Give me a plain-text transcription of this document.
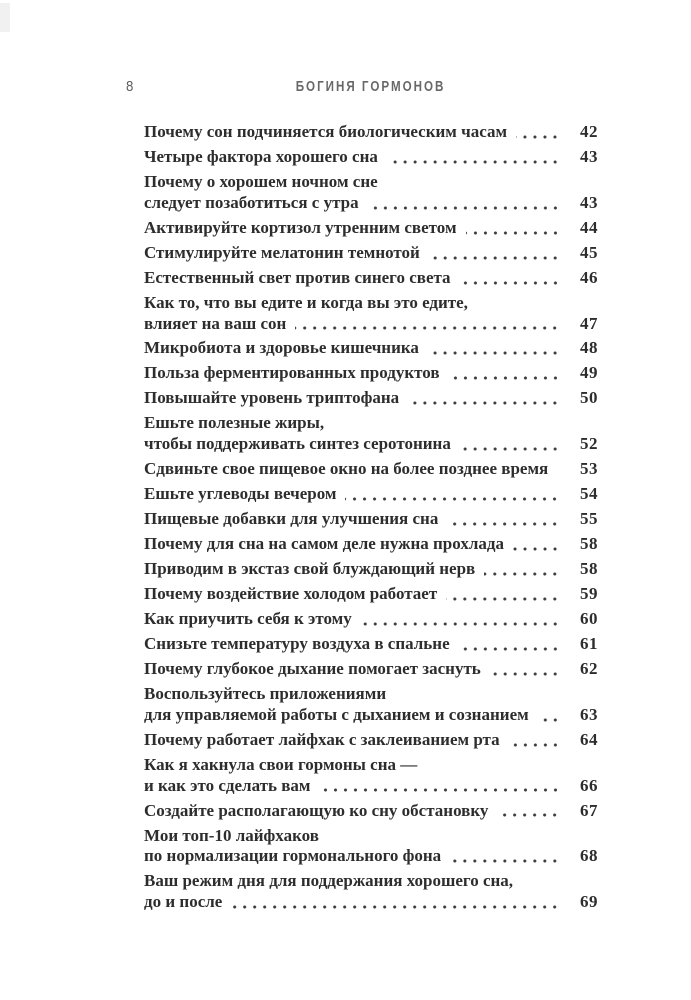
8	БОГИНЯ ГОРМОНОВ
Почему сон подчиняется биологическим часам	42
Четыре фактора хорошего сна	43
Почему о хорошем ночном сне
следует позаботиться с утра	43
Активируйте кортизол утренним светом	44
Стимулируйте мелатонин темнотой	45
Естественный свет против синего света	46
Как то, что вы едите и когда вы это едите,
влияет на ваш сон	47
Микробиота и здоровье кишечника	48
Польза ферментированных продуктов	49
Повышайте уровень триптофана	50
Ешьте полезные жиры,
чтобы поддерживать синтез серотонина	52
Сдвиньте свое пищевое окно на более позднее время	53
Ешьте углеводы вечером	54
Пищевые добавки для улучшения сна	55
Почему для сна на самом деле нужна прохлада	58
Приводим в экстаз свой блуждающий нерв	58
Почему воздействие холодом работает	59
Как приучить себя к этому	60
Снизьте температуру воздуха в спальне	61
Почему глубокое дыхание помогает заснуть	62
Воспользуйтесь приложениями
для управляемой работы с дыханием и сознанием	63
Почему работает лайфхак с заклеиванием рта	64
Как я хакнула свои гормоны сна —
и как это сделать вам	66
Создайте располагающую ко сну обстановку	67
Мои топ-10 лайфхаков
по нормализации гормонального фона	68
Ваш режим дня для поддержания хорошего сна,
до и после	69
